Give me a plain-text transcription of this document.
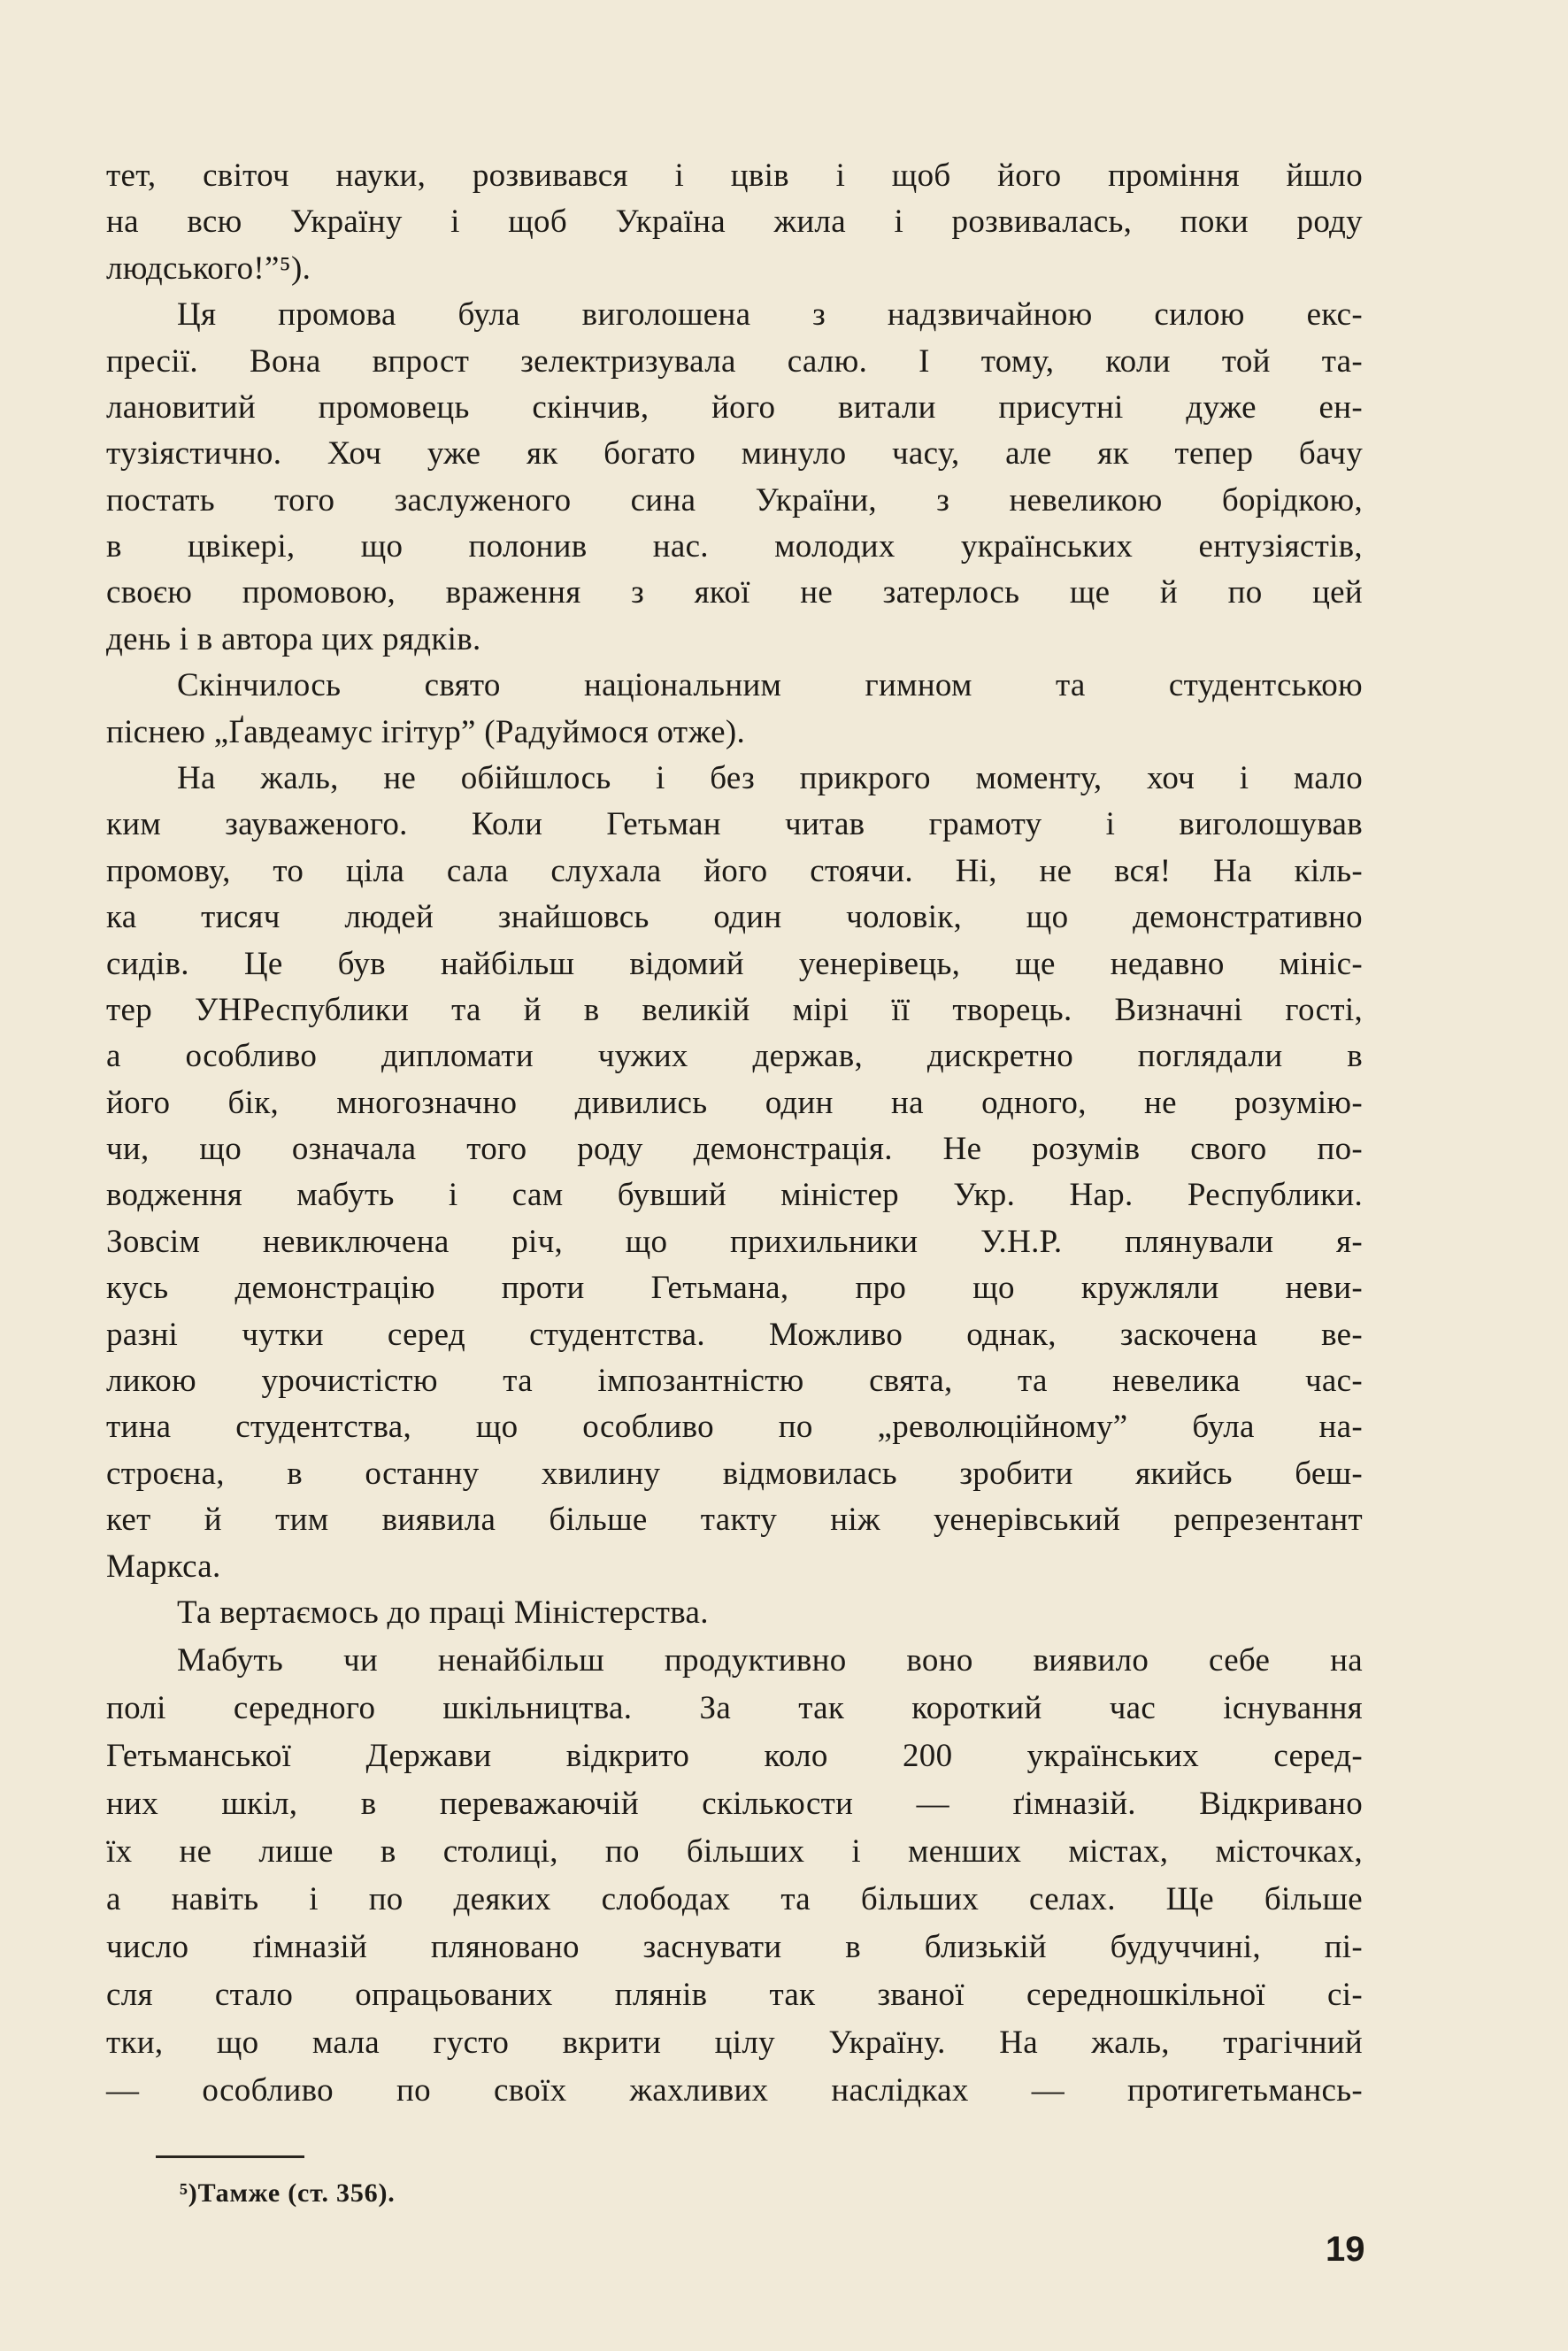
тет, світоч науки, розвивався і цвів і щоб його проміння йшло
на всю Україну і щоб Україна жила і розвивалась, поки роду
людського!”⁵).
Ця промова була виголошена з надзвичайною силою екс-
пресії. Вона впрост зелектризувала салю. І тому, коли той та-
лановитий промовець скінчив, його витали присутні дуже ен-
тузіястично. Хоч уже як богато минуло часу, але як тепер бачу
постать того заслуженого сина України, з невеликою борідкою,
в цвікері, що полонив нас. молодих українських ентузіястів,
своєю промовою, враження з якої не затерлось ще й по цей
день і в автора цих рядків.
Скінчилось свято національним гимном та студентською
піснею „Ґавдеамус ігітур” (Радуймося отже).
На жаль, не обійшлось і без прикрого моменту, хоч і мало
ким зауваженого. Коли Гетьман читав грамоту і виголошував
промову, то ціла сала слухала його стоячи. Ні, не вся! На кіль-
ка тисяч людей знайшовсь один чоловік, що демонстративно
сидів. Це був найбільш відомий уенерівець, ще недавно мініс-
тер УНРеспублики та й в великій мірі її творець. Визначні гості,
а особливо дипломати чужих держав, дискретно поглядали в
його бік, многозначно дивились один на одного, не розумію-
чи, що означала того роду демонстрація. Не розумів свого по-
водження мабуть і сам бувший міністер Укр. Нар. Республики.
Зовсім невиключена річ, що прихильники У.Н.Р. плянували я-
кусь демонстрацію проти Гетьмана, про що кружляли неви-
разні чутки серед студентства. Можливо однак, заскочена ве-
ликою урочистістю та імпозантністю свята, та невелика час-
тина студентства, що особливо по „революційному” була на-
строєна, в останну хвилину відмовилась зробити якийсь беш-
кет й тим виявила більше такту ніж уенерівський репрезентант
Маркса.
Та вертаємось до праці Міністерства.
Мабуть чи ненайбільш продуктивно воно виявило себе на
полі середного шкільництва. За так короткий час існування
Гетьманської Держави відкрито коло 200 українських серед-
них шкіл, в переважаючій скількости — ґімназій. Відкривано
їх не лише в столиці, по більших і менших містах, місточках,
а навіть і по деяких слободах та більших селах. Ще більше
число ґімназій пляновано заснувати в близькій будуччині, пі-
сля стало опрацьованих плянів так званої середношкільної сі-
тки, що мала густо вкрити цілу Україну. На жаль, трагічний
— особливо по своїх жахливих наслідках — протигетьмансь-
⁵)Тамже (ст. 356).
19
